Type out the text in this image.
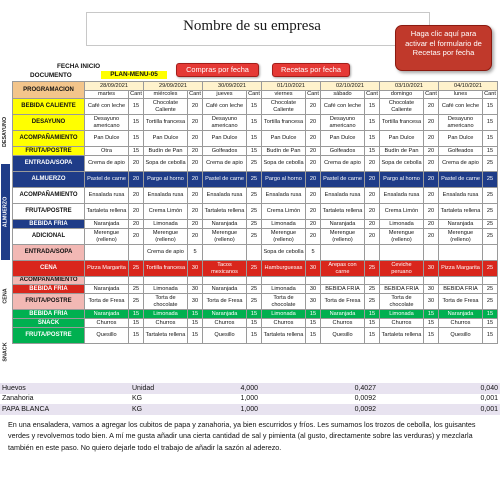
Nombre de su empresa	Haga clic aquí para activar el formulario de Recetas por fecha
FECHA INICIO
DOCUMENTO	PLAN-MENU-05
Compras por fecha	Recetas por fecha
DESAYUNO
ALMUERZO
CENA
SNACK
PROGRAMACION	28/09/2021		29/09/2021		30/09/2021		01/10/2021		02/10/2021		03/10/2021		04/10/2021	
	martes	Cant	miércoles	Cant	jueves	Cant	viernes	Cant	sábado	Cant	domingo	Cant	lunes	Cant
BEBIDA CALIENTE	Café con leche	15	Chocolate Caliente	20	Café con leche	15	Chocolate Caliente	20	Café con leche	15	Chocolate Caliente	20	Café con leche	15
DESAYUNO	Desayuno americano	15	Tortilla francesa	20	Desayuno americano	15	Tortilla francesa	20	Desayuno americano	15	Tortilla francesa	20	Desayuno americano	15
ACOMPAÑAMIENTO	Pan Dulce	15	Pan Dulce	20	Pan Dulce	15	Pan Dulce	20	Pan Dulce	15	Pan Dulce	20	Pan Dulce	15
FRUTA/POSTRE	Otra	15	Budín de Pan	20	Golfeados	15	Budín de Pan	20	Golfeados	15	Budín de Pan	20	Golfeados	15
ENTRADA/SOPA	Crema de apio	20	Sopa de cebolla	20	Crema de apio	25	Sopa de cebolla	20	Crema de apio	20	Sopa de cebolla	20	Crema de apio	25
ALMUERZO	Pastel de carne	20	Pargo al horno	20	Pastel de carne	25	Pargo al horno	20	Pastel de carne	20	Pargo al horno	20	Pastel de carne	25
ACOMPAÑAMIENTO	Ensalada rusa	20	Ensalada rusa	20	Ensalada rusa	25	Ensalada rusa	20	Ensalada rusa	20	Ensalada rusa	20	Ensalada rusa	25
FRUTA/POSTRE	Tartaleta rellena	20	Crema Limón	20	Tartaleta rellena	25	Crema Limón	20	Tartaleta rellena	20	Crema Limón	20	Tartaleta rellena	25
BEBIDA FRIA	Naranjada	20	Limonada	20	Naranjada	25	Limonada	20	Naranjada	20	Limonada	20	Naranjada	25
ADICIONAL	Merengue (relleno)	20	Merengue (relleno)	20	Merengue (relleno)	25	Merengue (relleno)	20	Merengue (relleno)	20	Merengue (relleno)	20	Merengue (relleno)	25
ENTRADA/SOPA			Crema de apio	5			Sopa de cebolla	5						
CENA	Pizza Margarita	25	Tortilla francesa	30	Tacos mexicanos	25	Hamburguesas	30	Arepas con carne	25	Ceviche peruano	30	Pizza Margarita	25
ACOMPAÑAMIENTO														
BEBIDA FRIA	Naranjada	25	Limonada	30	Naranjada	25	Limonada	30	BEBIDA FRIA	25	BEBIDA FRIA	30	BEBIDA FRIA	25
FRUTA/POSTRE	Torta de Fresa	25	Torta de chocolate	30	Torta de Fresa	25	Torta de chocolate	30	Torta de Fresa	25	Torta de chocolate	30	Torta de Fresa	25
BEBIDA FRIA	Naranjada	15	Limonada	15	Naranjada	15	Limonada	15	Naranjada	15	Limonada	15	Naranjada	15
SNACK	Churros	15	Churros	15	Churros	15	Churros	15	Churros	15	Churros	15	Churros	15
FRUTA/POSTRE	Quesillo	15	Tartaleta rellena	15	Quesillo	15	Tartaleta rellena	15	Quesillo	15	Tartaleta rellena	15	Quesillo	15
Huevos	Unidad		4,000	0,4027	0,040
Zanahoria	KG		1,000	0,0092	0,001
PAPA BLANCA	KG		1,000	0,0092	0,001
En una ensaladera, vamos a agregar los cubitos de papa y zanahoria, ya bien escurridos y fríos. Les sumamos los trozos de cebolla, los guisantes verdes y revolvemos todo bien. A mí me gusta añadir una cierta cantidad de sal y pimienta (al gusto, directamente sobre las verduras) y mezclarla también en este paso. No quiero dejarle todo el trabajo de añadir la sazón al aderezo.
